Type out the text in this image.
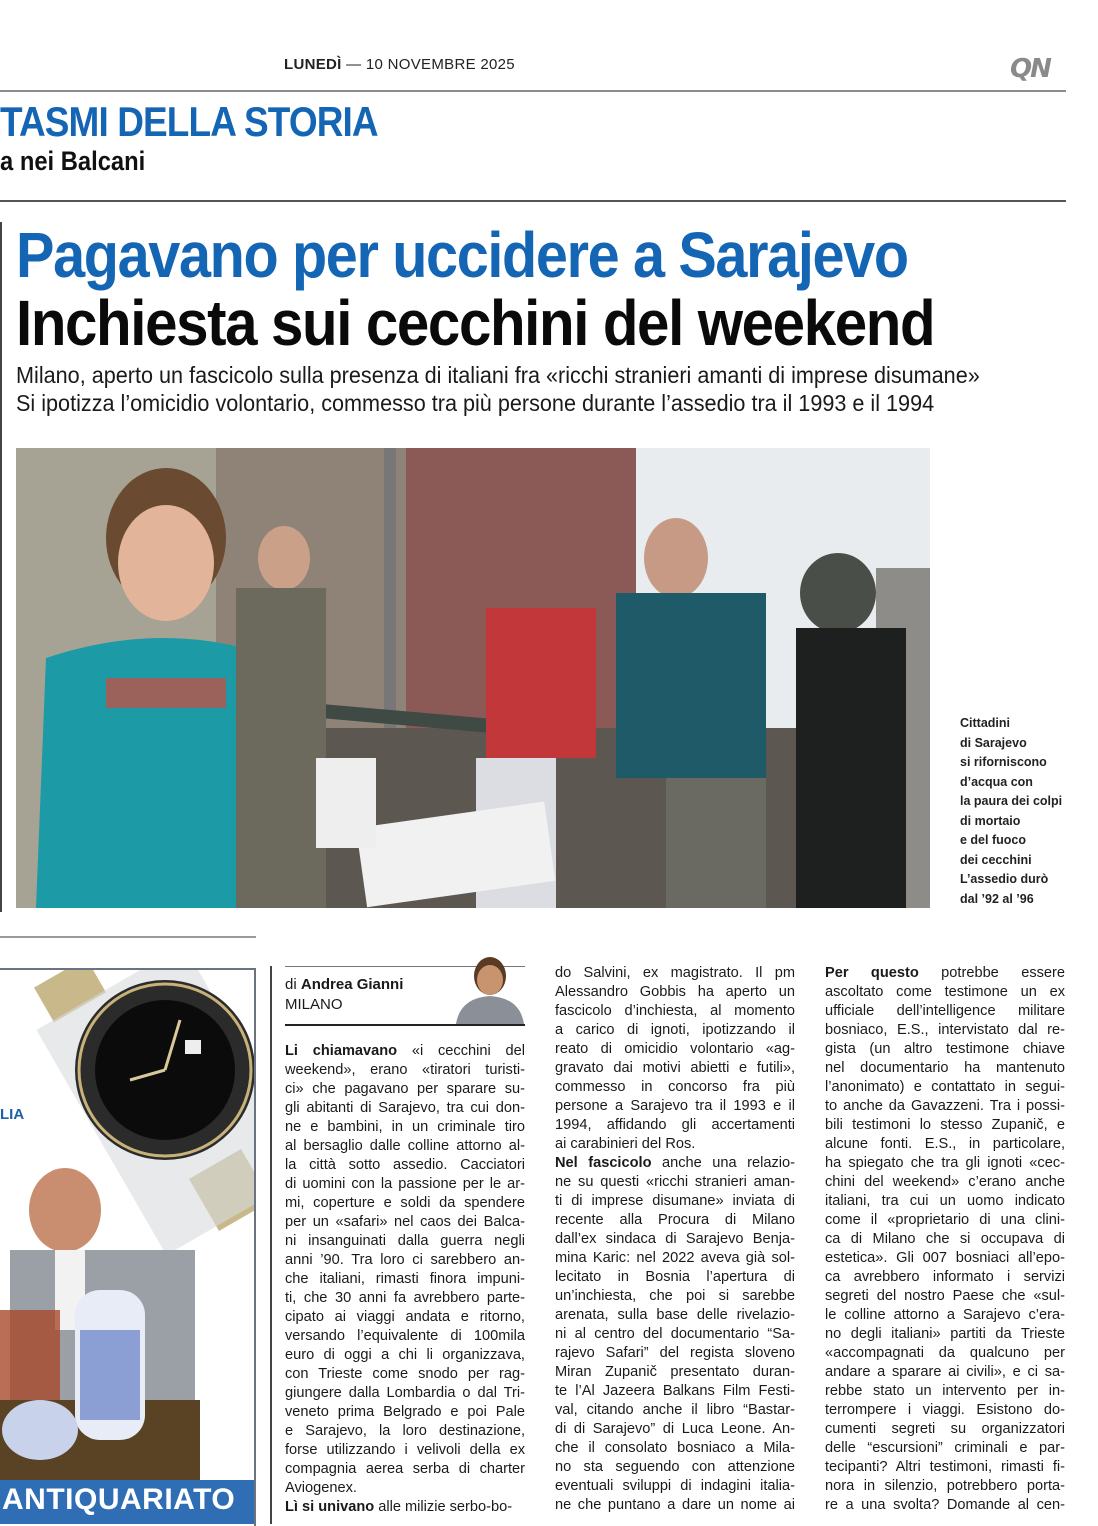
LUNEDÌ — 10 NOVEMBRE 2025	QN
TASMI DELLA STORIA
a nei Balcani
Pagavano per uccidere a Sarajevo
Inchiesta sui cecchini del weekend
Milano, aperto un fascicolo sulla presenza di italiani fra «ricchi stranieri amanti di imprese disumane»
Si ipotizza l’omicidio volontario, commesso tra più persone durante l’assedio tra il 1993 e il 1994
Cittadini
di Sarajevo
si riforniscono
d’acqua con
la paura dei colpi
di mortaio
e del fuoco
dei cecchini
L’assedio durò
dal ’92 al ’96
LIA
ANTIQUARIATO
di Andrea Gianni
MILANO
Li chiamavano «i cecchini del
weekend», erano «tiratori turisti-
ci» che pagavano per sparare su-
gli abitanti di Sarajevo, tra cui don-
ne e bambini, in un criminale tiro
al bersaglio dalle colline attorno al-
la città sotto assedio. Cacciatori
di uomini con la passione per le ar-
mi, coperture e soldi da spendere
per un «safari» nel caos dei Balca-
ni insanguinati dalla guerra negli
anni ’90. Tra loro ci sarebbero an-
che italiani, rimasti finora impuni-
ti, che 30 anni fa avrebbero parte-
cipato ai viaggi andata e ritorno,
versando l’equivalente di 100mila
euro di oggi a chi li organizzava,
con Trieste come snodo per rag-
giungere dalla Lombardia o dal Tri-
veneto prima Belgrado e poi Pale
e Sarajevo, la loro destinazione,
forse utilizzando i velivoli della ex
compagnia aerea serba di charter
Aviogenex.
Lì si univano alle milizie serbo-bo-
do Salvini, ex magistrato. Il pm
Alessandro Gobbis ha aperto un
fascicolo d’inchiesta, al momento
a carico di ignoti, ipotizzando il
reato di omicidio volontario «ag-
gravato dai motivi abietti e futili»,
commesso in concorso fra più
persone a Sarajevo tra il 1993 e il
1994, affidando gli accertamenti
ai carabinieri del Ros.
Nel fascicolo anche una relazio-
ne su questi «ricchi stranieri aman-
ti di imprese disumane» inviata di
recente alla Procura di Milano
dall’ex sindaca di Sarajevo Benja-
mina Karic: nel 2022 aveva già sol-
lecitato in Bosnia l’apertura di
un’inchiesta, che poi si sarebbe
arenata, sulla base delle rivelazio-
ni al centro del documentario “Sa-
rajevo Safari” del regista sloveno
Miran Zupanič presentato duran-
te l’Al Jazeera Balkans Film Festi-
val, citando anche il libro “Bastar-
di di Sarajevo” di Luca Leone. An-
che il consolato bosniaco a Mila-
no sta seguendo con attenzione
eventuali sviluppi di indagini italia-
ne che puntano a dare un nome ai
Per questo potrebbe essere
ascoltato come testimone un ex
ufficiale dell’intelligence militare
bosniaco, E.S., intervistato dal re-
gista (un altro testimone chiave
nel documentario ha mantenuto
l’anonimato) e contattato in segui-
to anche da Gavazzeni. Tra i possi-
bili testimoni lo stesso Zupanič, e
alcune fonti. E.S., in particolare,
ha spiegato che tra gli ignoti «cec-
chini del weekend» c’erano anche
italiani, tra cui un uomo indicato
come il «proprietario di una clini-
ca di Milano che si occupava di
estetica». Gli 007 bosniaci all’epo-
ca avrebbero informato i servizi
segreti del nostro Paese che «sul-
le colline attorno a Sarajevo c’era-
no degli italiani» partiti da Trieste
«accompagnati da qualcuno per
andare a sparare ai civili», e ci sa-
rebbe stato un intervento per in-
terrompere i viaggi. Esistono do-
cumenti segreti su organizzatori
delle “escursioni” criminali e par-
tecipanti? Altri testimoni, rimasti fi-
nora in silenzio, potrebbero porta-
re a una svolta? Domande al cen-
